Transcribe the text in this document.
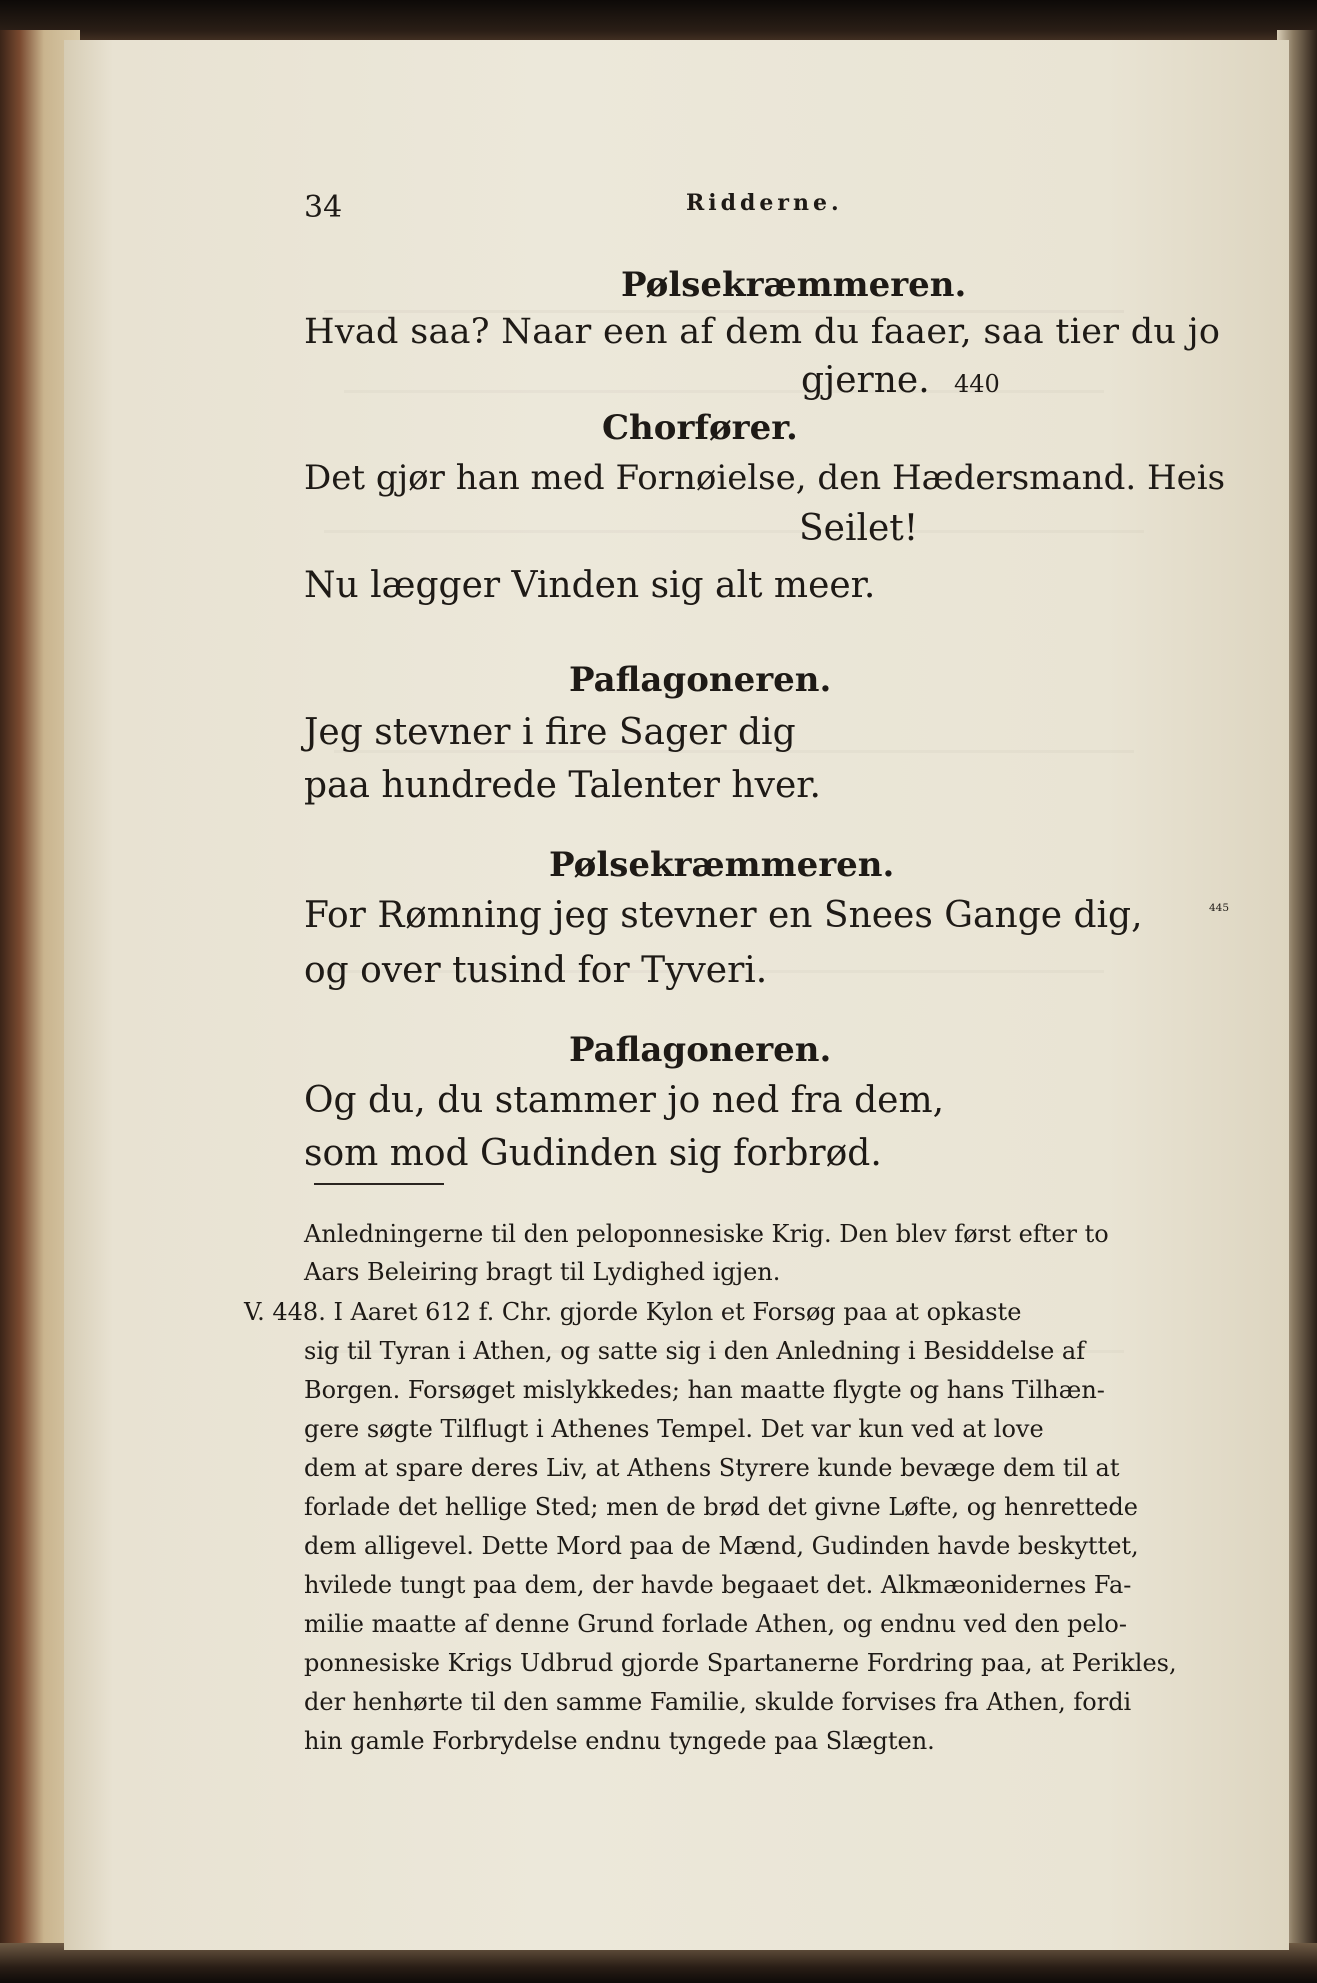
34	Ridderne.
Pølsekræmmeren.
Hvad saa? Naar een af dem du faaer, saa tier du jo
gjerne. 440
Chorfører.
Det gjør han med Fornøielse, den Hædersmand. Heis
Seilet!
Nu lægger Vinden sig alt meer.
Paflagoneren.
Jeg stevner i fire Sager dig
paa hundrede Talenter hver.
Pølsekræmmeren.
For Rømning jeg stevner en Snees Gange dig,	445
og over tusind for Tyveri.
Paflagoneren.
Og du, du stammer jo ned fra dem,
som mod Gudinden sig forbrød.
Anledningerne til den peloponnesiske Krig. Den blev først efter to
Aars Beleiring bragt til Lydighed igjen.
V. 448. I Aaret 612 f. Chr. gjorde Kylon et Forsøg paa at opkaste
sig til Tyran i Athen, og satte sig i den Anledning i Besiddelse af
Borgen. Forsøget mislykkedes; han maatte flygte og hans Tilhæn-
gere søgte Tilflugt i Athenes Tempel. Det var kun ved at love
dem at spare deres Liv, at Athens Styrere kunde bevæge dem til at
forlade det hellige Sted; men de brød det givne Løfte, og henrettede
dem alligevel. Dette Mord paa de Mænd, Gudinden havde beskyttet,
hvilede tungt paa dem, der havde begaaet det. Alkmæonidernes Fa-
milie maatte af denne Grund forlade Athen, og endnu ved den pelo-
ponnesiske Krigs Udbrud gjorde Spartanerne Fordring paa, at Perikles,
der henhørte til den samme Familie, skulde forvises fra Athen, fordi
hin gamle Forbrydelse endnu tyngede paa Slægten.
